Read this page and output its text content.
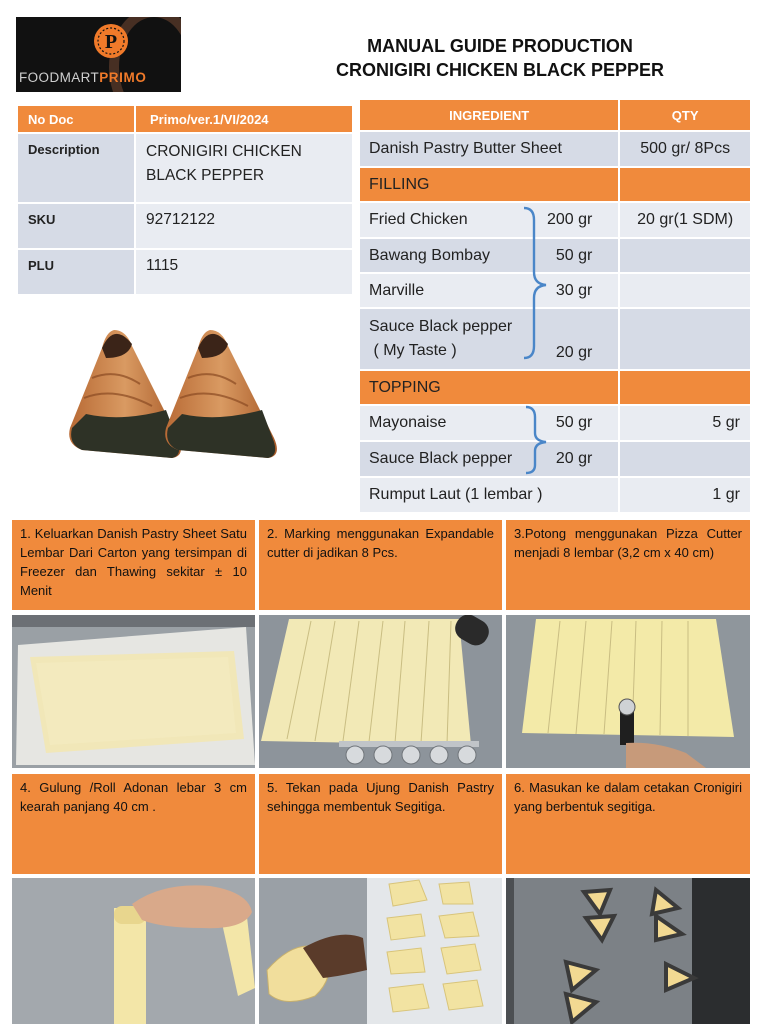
P
FOODMARTPRIMO
MANUAL GUIDE PRODUCTION
CRONIGIRI CHICKEN BLACK PEPPER
No Doc	Primo/ver.1/VI/2024
Description	CRONIGIRI CHICKEN
BLACK PEPPER

SKU	92712122
PLU	1115
INGREDIENT	QTY

Danish Pastry Butter Sheet	500 gr/ 8Pcs
FILLING	

Fried Chicken 200 gr	20 gr(1 SDM)

Bawang Bombay 50 gr	

Marville 30 gr	

Sauce Black pepper
( My Taste ) 20 gr	

TOPPING	

Mayonaise 50 gr	5 gr

Sauce Black pepper 20 gr	

Rumput Laut (1 lembar )	1 gr
1. Keluarkan Danish Pastry Sheet Satu Lembar Dari Carton yang tersimpan di Freezer dan Thawing sekitar ± 10 Menit
2. Marking menggunakan Expandable cutter di jadikan 8 Pcs.
3.Potong menggunakan Pizza Cutter menjadi 8 lembar (3,2 cm x 40 cm)
4. Gulung /Roll Adonan lebar 3 cm kearah panjang 40 cm .
5. Tekan pada Ujung Danish Pastry sehingga membentuk Segitiga.
6. Masukan ke dalam cetakan Cronigiri yang berbentuk segitiga.
